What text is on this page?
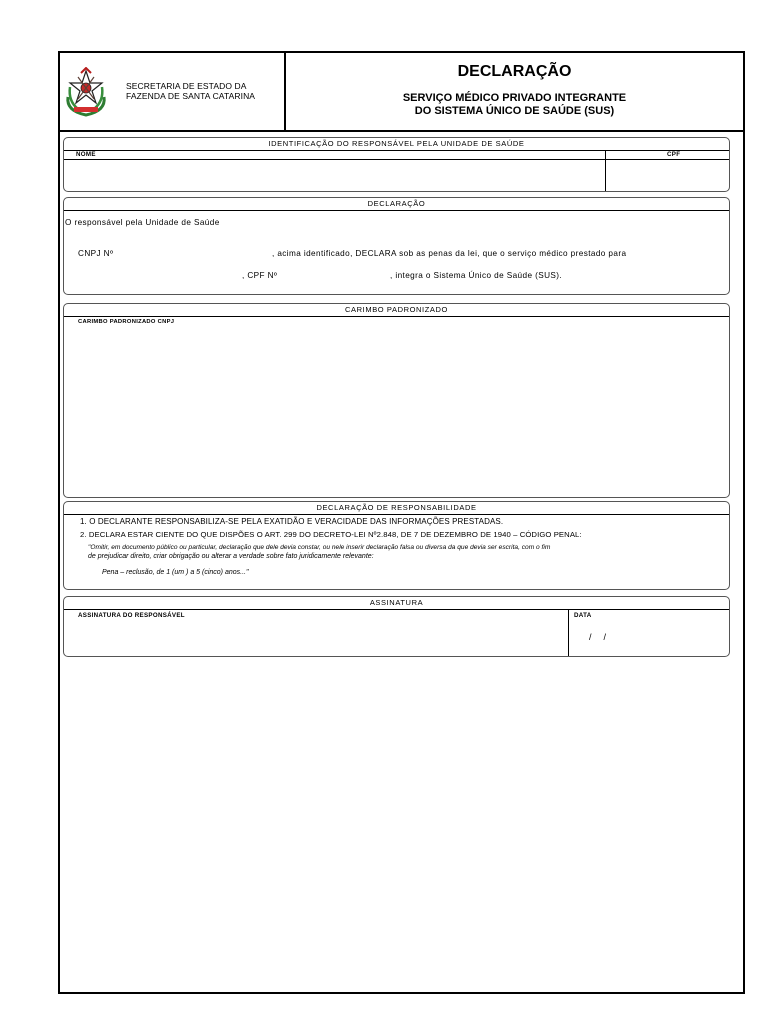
SECRETARIA DE ESTADO DA
FAZENDA DE SANTA CATARINA
DECLARAÇÃO
SERVIÇO MÉDICO PRIVADO INTEGRANTE
DO SISTEMA ÚNICO DE SAÚDE (SUS)
IDENTIFICAÇÃO DO RESPONSÁVEL PELA UNIDADE DE SAÚDE
NOME	CPF
DECLARAÇÃO
O responsável pela Unidade de Saúde
CNPJ Nº	, acima identificado, DECLARA sob as penas da lei, que o serviço médico prestado para
, CPF Nº	, integra o Sistema Único de Saúde (SUS).
CARIMBO PADRONIZADO
CARIMBO PADRONIZADO CNPJ
DECLARAÇÃO DE RESPONSABILIDADE
1. O DECLARANTE RESPONSABILIZA-SE PELA EXATIDÃO E VERACIDADE DAS INFORMAÇÕES PRESTADAS.
2. DECLARA ESTAR CIENTE DO QUE DISPÕES O ART. 299 DO DECRETO-LEI Nº2.848, DE 7 DE DEZEMBRO DE 1940 – CÓDIGO PENAL:
"Omitir, em documento público ou particular, declaração que dele devia constar, ou nele inserir declaração falsa ou diversa da que devia ser escrita, com o fim
de prejudicar direito, criar obrigação ou alterar a verdade sobre fato juridicamente relevante:
Pena – reclusão, de 1 (um ) a 5 (cinco) anos..."
ASSINATURA
ASSINATURA DO RESPONSÁVEL	DATA
/    /
